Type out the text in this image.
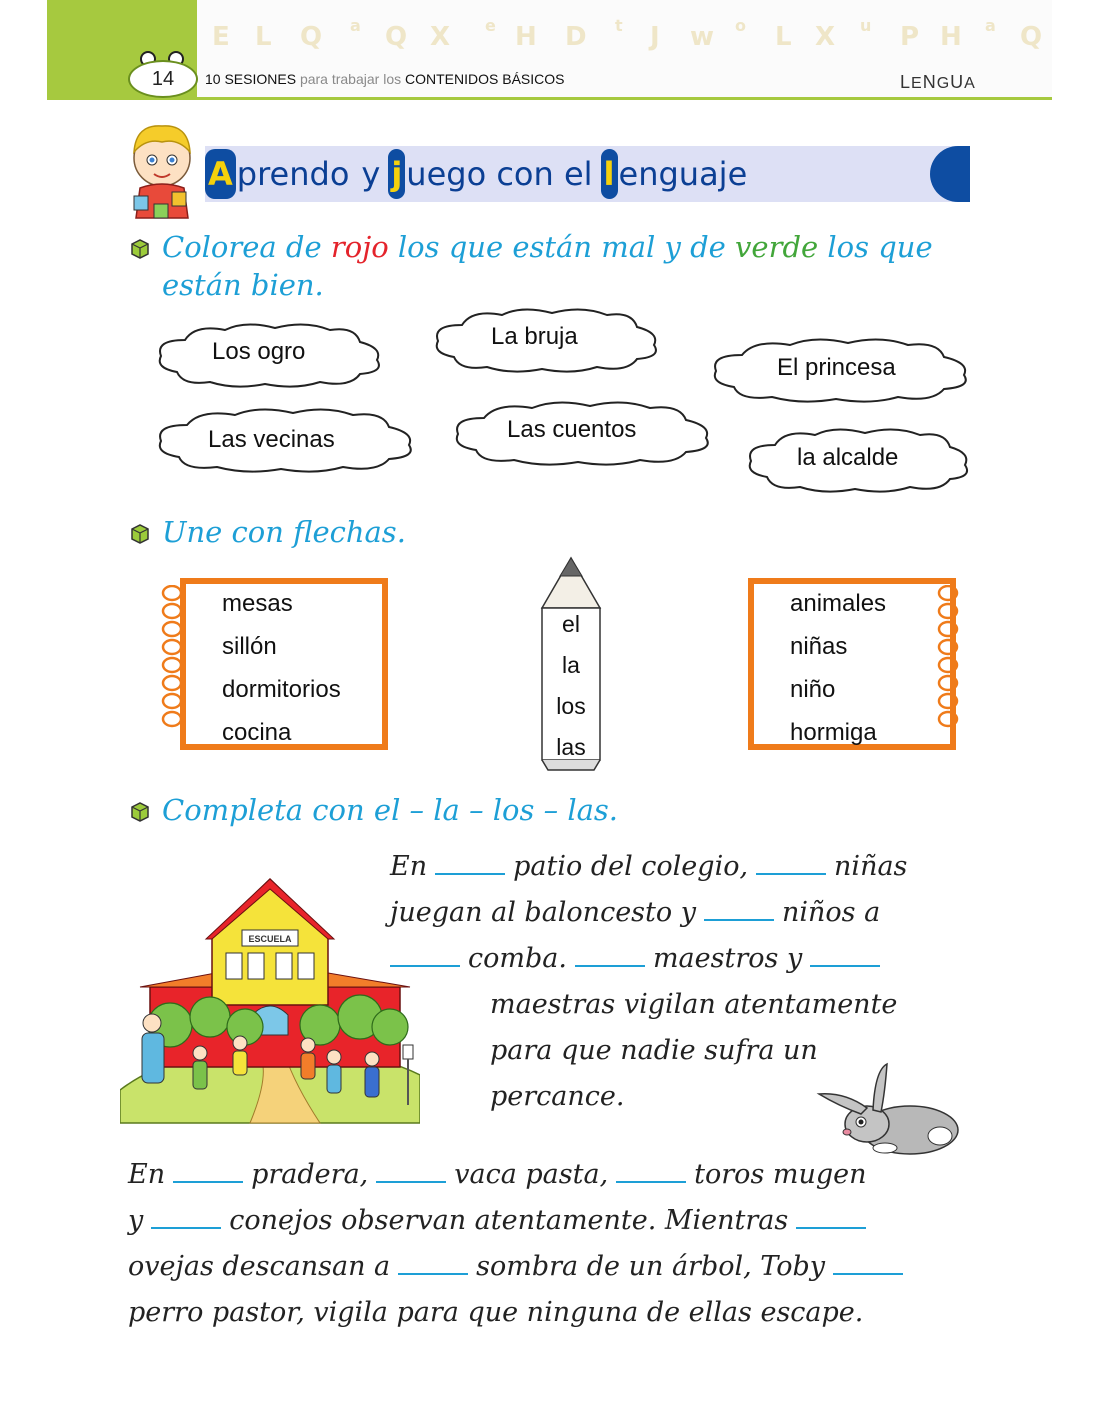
14
E L Q a Q X e H D t J w o L X u P H a Q
10 SESIONES para trabajar los CONTENIDOS BÁSICOS	LENGUA
A prendo y j uego con el l enguaje
Colorea de rojo los que están mal y de verde los que
están bien.
Los ogro
La bruja
El princesa
Las vecinas	Las cuentos
la alcalde
Une con flechas.
mesas
sillón
dormitorios
cocina
el
la
los
las
animales
niñas
niño
hormiga
Completa con el – la – los – las.
ESCUELA
En	patio del colegio,	niñas
juegan al baloncesto y	niños a
comba.	maestros y
maestras vigilan atentamente
para que nadie sufra un
percance.
En	pradera,	vaca pasta,	toros mugen
y	conejos observan atentamente. Mientras
ovejas descansan a	sombra de un árbol, Toby
perro pastor, vigila para que ninguna de ellas escape.
